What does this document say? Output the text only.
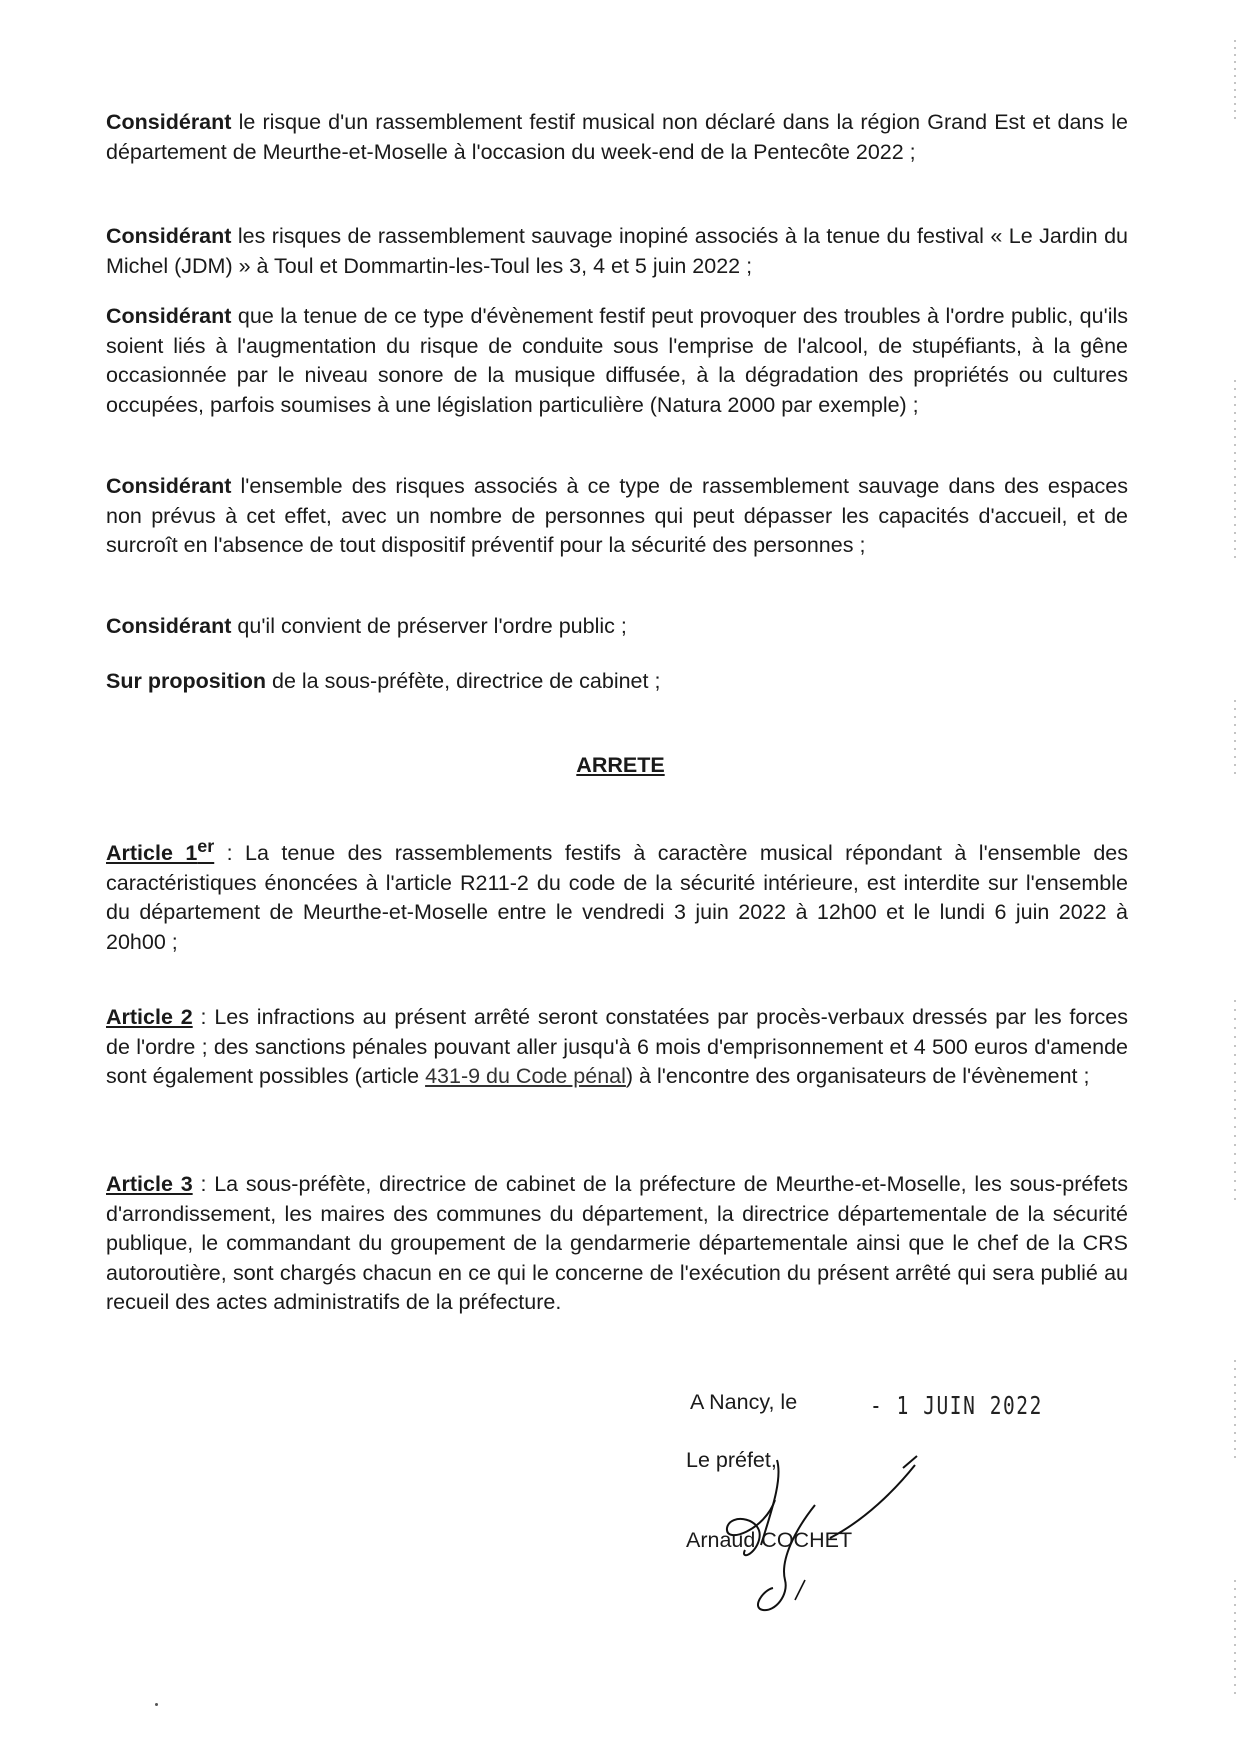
Considérant le risque d'un rassemblement festif musical non déclaré dans la région Grand Est et dans le département de Meurthe-et-Moselle à l'occasion du week-end de la Pentecôte 2022 ;

Considérant les risques de rassemblement sauvage inopiné associés à la tenue du festival « Le Jardin du Michel (JDM) » à Toul et Dommartin-les-Toul les 3, 4 et 5 juin 2022 ;

Considérant que la tenue de ce type d'évènement festif peut provoquer des troubles à l'ordre public, qu'ils soient liés à l'augmentation du risque de conduite sous l'emprise de l'alcool, de stupéfiants, à la gêne occasionnée par le niveau sonore de la musique diffusée, à la dégradation des propriétés ou cultures occupées, parfois soumises à une législation particulière (Natura 2000 par exemple) ;

Considérant l'ensemble des risques associés à ce type de rassemblement sauvage dans des espaces non prévus à cet effet, avec un nombre de personnes qui peut dépasser les capacités d'accueil, et de surcroît en l'absence de tout dispositif préventif pour la sécurité des personnes ;

Considérant qu'il convient de préserver l'ordre public ;

Sur proposition de la sous-préfète, directrice de cabinet ;

ARRETE

Article 1er : La tenue des rassemblements festifs à caractère musical répondant à l'ensemble des caractéristiques énoncées à l'article R211-2 du code de la sécurité intérieure, est interdite sur l'ensemble du département de Meurthe-et-Moselle entre le vendredi 3 juin 2022 à 12h00 et le lundi 6 juin 2022 à 20h00 ;

Article 2 : Les infractions au présent arrêté seront constatées par procès-verbaux dressés par les forces de l'ordre ; des sanctions pénales pouvant aller jusqu'à 6 mois d'emprisonnement et 4 500 euros d'amende sont également possibles (article 431-9 du Code pénal) à l'encontre des organisateurs de l'évènement ;

Article 3 : La sous-préfète, directrice de cabinet de la préfecture de Meurthe-et-Moselle, les sous-préfets d'arrondissement, les maires des communes du département, la directrice départementale de la sécurité publique, le commandant du groupement de la gendarmerie départementale ainsi que le chef de la CRS autoroutière, sont chargés chacun en ce qui le concerne de l'exécution du présent arrêté qui sera publié au recueil des actes administratifs de la préfecture.

A Nancy, le	- 1 JUIN 2022
Le préfet,
Arnaud COCHET
